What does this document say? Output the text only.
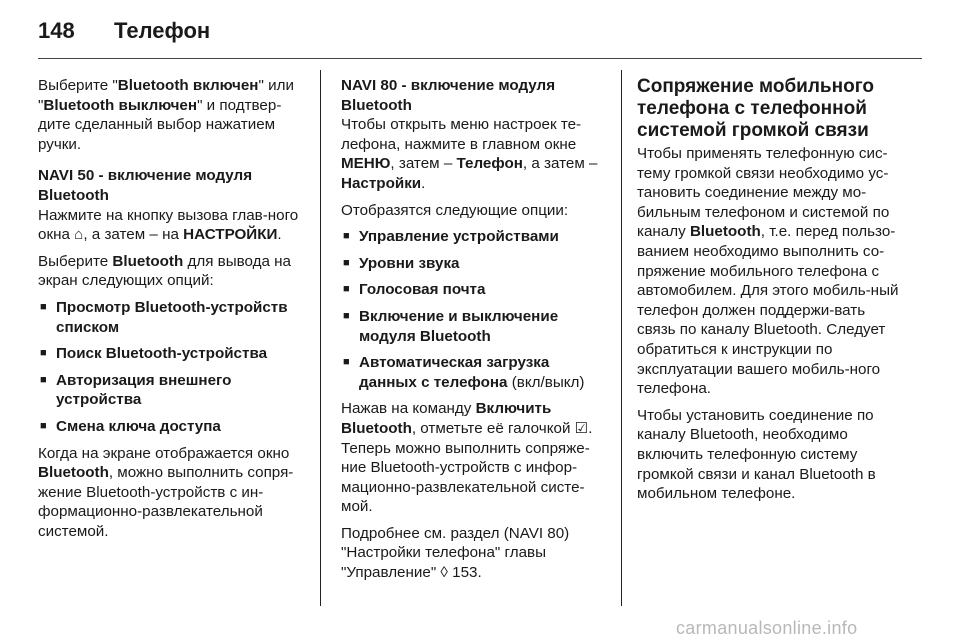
148 Телефон

Выберите "Bluetooth включен" или "Bluetooth выключен" и подтвер-дите сделанный выбор нажатием ручки.

NAVI 50 - включение модуля Bluetooth

Нажмите на кнопку вызова глав-ного окна ⌂, а затем – на НАСТРОЙКИ.

Выберите Bluetooth для вывода на экран следующих опций:

■ Просмотр Bluetooth-устройств списком
■ Поиск Bluetooth-устройства
■ Авторизация внешнего устройства
■ Смена ключа доступа

Когда на экране отображается окно Bluetooth, можно выполнить сопря-жение Bluetooth-устройств с ин-формационно-развлекательной системой.

NAVI 80 - включение модуля Bluetooth

Чтобы открыть меню настроек те-лефона, нажмите в главном окне МЕНЮ, затем – Телефон, а затем – Настройки.

Отобразятся следующие опции:

■ Управление устройствами
■ Уровни звука
■ Голосовая почта
■ Включение и выключение модуля Bluetooth
■ Автоматическая загрузка данных с телефона (вкл/выкл)

Нажав на команду Включить Bluetooth, отметьте её галочкой ☑. Теперь можно выполнить сопряже-ние Bluetooth-устройств с инфор-мационно-развлекательной систе-мой.

Подробнее см. раздел (NAVI 80) "Настройки телефона" главы "Управление" ◊ 153.

Сопряжение мобильного телефона с телефонной системой громкой связи

Чтобы применять телефонную сис-тему громкой связи необходимо ус-тановить соединение между мо-бильным телефоном и системой по каналу Bluetooth, т.е. перед пользо-ванием необходимо выполнить со-пряжение мобильного телефона с автомобилем. Для этого мобиль-ный телефон должен поддержи-вать связь по каналу Bluetooth. Следует обратиться к инструкции по эксплуатации вашего мобиль-ного телефона.

Чтобы установить соединение по каналу Bluetooth, необходимо включить телефонную систему громкой связи и канал Bluetooth в мобильном телефоне.

carmanualsonline.info
